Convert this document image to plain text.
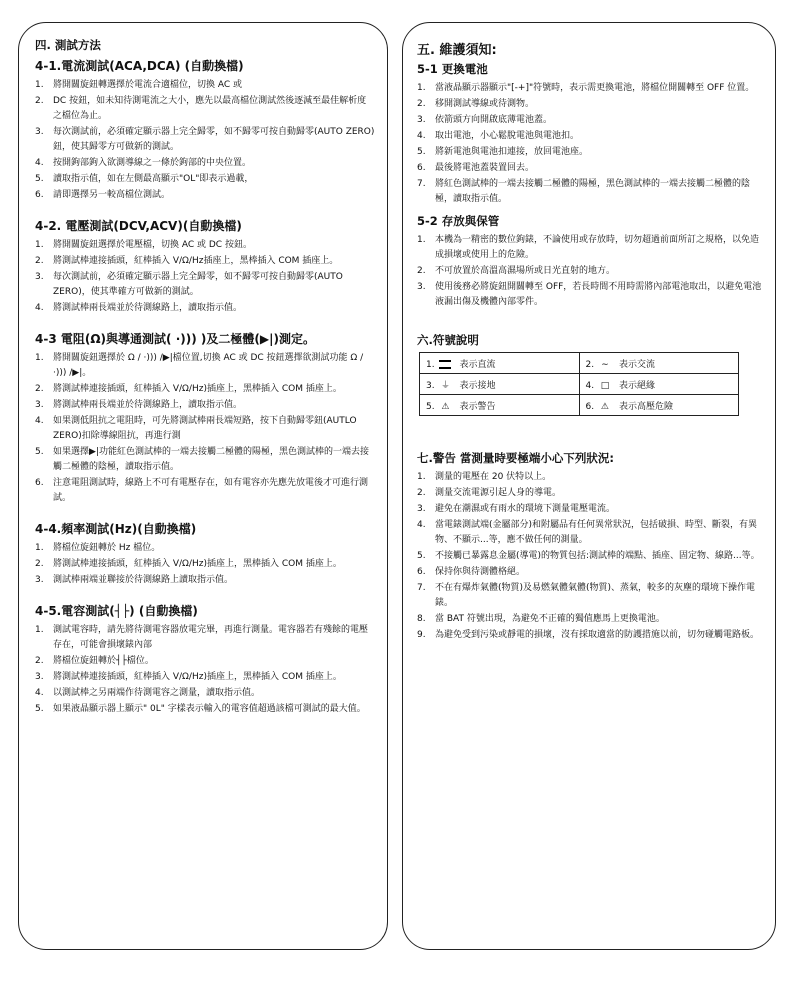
四. 測試方法
4-1.電流測試(ACA,DCA) (自動換檔)
1.	將開關旋鈕轉選擇於電流合適檔位，切換 AC 或
2.	DC 按鈕，如未知待測電流之大小，應先以最高檔位測試然後逐減至最佳解析度之檔位為止。
3.	每次測試前，必須確定顯示器上完全歸零，如不歸零可按自動歸零(AUTO ZERO)鈕，使其歸零方可做新的測試。
4.	按開鉤部鉤入欲測導線之一條於鉤部的中央位置。
5.	讀取指示值，如在左側最高顯示"OL"即表示過載，
6.	請即選擇另一較高檔位測試。
4-2. 電壓測試(DCV,ACV)(自動換檔)
1.	將開關旋鈕選擇於電壓檔，切換 AC 或 DC 按鈕。
2.	將測試棒連接插頭，紅棒插入 V/Ω/Hz插座上，黑棒插入 COM 插座上。
3.	每次測試前，必須確定顯示器上完全歸零，如不歸零可按自動歸零(AUTO ZERO)，使其準確方可做新的測試。
4.	將測試棒兩長端並於待測線路上，讀取指示值。
4-3 電阻(Ω)與導通測試( ·))) )及二極體(▶|)測定。
1.	將開關旋鈕選擇於 Ω / ·))) /▶|檔位置,切換 AC 或 DC 按鈕選擇欲測試功能 Ω / ·))) /▶|。
2.	將測試棒連接插頭，紅棒插入 V/Ω/Hz)插座上，黑棒插入 COM 插座上。
3.	將測試棒兩長端並於待測線路上，讀取指示值。
4.	如果測低阻抗之電阻時，可先將測試棒兩長端短路，按下自動歸零鈕(AUTLO ZERO)扣除導線阻抗，再進行測
5.	如果選擇▶|功能紅色測試棒的一端去接觸二極體的陽極，黑色測試棒的一端去接觸二極體的陰極，讀取指示值。
6.	注意電阻測試時，線路上不可有電壓存在，如有電容亦先應先放電後才可進行測試。
4-4.頻率測試(Hz)(自動換檔)
1.	將檔位旋鈕轉於 Hz 檔位。
2.	將測試棒連接插頭，紅棒插入 V/Ω/Hz)插座上，黑棒插入 COM 插座上。
3.	測試棒兩端並聯接於待測線路上讀取指示值。
4-5.電容測試(┤├) (自動換檔)
1.	測試電容時，請先將待測電容器放電完畢，再進行測量。電容器若有殘餘的電壓存在，可能會損壞錶內部
2.	將檔位旋鈕轉於┤├檔位。
3.	將測試棒連接插頭，紅棒插入 V/Ω/Hz)插座上，黑棒插入 COM 插座上。
4.	以測試棒之另兩端作待測電容之測量，讀取指示值。
5.	如果液晶顯示器上顯示" 0L" 字樣表示輸入的電容值超過該檔可測試的最大值。
五. 維護須知:
5-1 更換電池
1.	當液晶顯示器顯示"[-+]"符號時，表示需更換電池，將檔位開關轉至 OFF 位置。
2.	移開測試導線或待測物。
3.	依箭頭方向開啟底薄電池蓋。
4.	取出電池，小心鬆脫電池與電池扣。
5.	將新電池與電池扣連接，放回電池座。
6.	最後將電池蓋裝置回去。
7.	將紅色測試棒的一端去接觸二極體的陽極，黑色測試棒的一端去接觸二極體的陰極，讀取指示值。
5-2 存放與保管
1.	本機為一精密的數位鉤錶，不論使用或存放時，切勿超過前面所訂之規格，以免造成損壞或使用上的危險。
2.	不可放置於高溫高濕場所或日光直射的地方。
3.	使用後務必將旋鈕開關轉至 OFF，若長時間不用時需將內部電池取出，以避免電池液漏出傷及機體內部零件。
六.符號說明
1. 表示直流	2. ∼ 表示交流
3. ⏚ 表示接地	4. □ 表示絕緣
5. ⚠ 表示警告	6. ⚠ 表示高壓危險
七.警告 當測量時要極端小心下列狀況:
1.	測量的電壓在 20 伏特以上。
2.	測量交流電源引起人身的導電。
3.	避免在潮濕或有雨水的環境下測量電壓電流。
4.	當電錶測試端(金屬部分)和附屬品有任何異常狀況，包括破損、時型、斷裂，有異物、不顯示...等，應不做任何的測量。
5.	不接觸已暴露息金屬(導電)的物質包括:測試棒的端點、插座、固定物、線路...等。
6.	保持你與待測體格絕。
7.	不在有爆炸氣體(物質)及易燃氣體氣體(物質)、蒸氣，較多的灰塵的環境下操作電錶。
8.	當 BAT 符號出現，為避免不正確的獨值應馬上更換電池。
9.	為避免受到污染或靜電的損壞，沒有採取適當的防護措施以前，切勿碰觸電路板。
